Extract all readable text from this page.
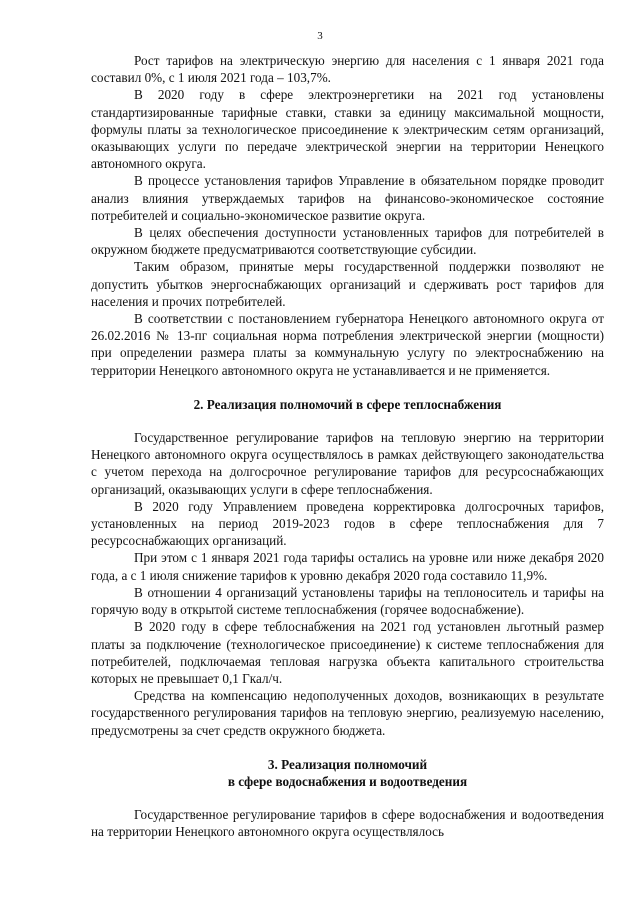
3

Рост тарифов на электрическую энергию для населения с 1 января 2021 года составил 0%, с 1 июля 2021 года – 103,7%.

В 2020 году в сфере электроэнергетики на 2021 год установлены стандартизированные тарифные ставки, ставки за единицу максимальной мощности, формулы платы за технологическое присоединение к электрическим сетям организаций, оказывающих услуги по передаче электрической энергии на территории Ненецкого автономного округа.

В процессе установления тарифов Управление в обязательном порядке проводит анализ влияния утверждаемых тарифов на финансово-экономическое состояние потребителей и социально-экономическое развитие округа.

В целях обеспечения доступности установленных тарифов для потребителей в окружном бюджете предусматриваются соответствующие субсидии.

Таким образом, принятые меры государственной поддержки позволяют не допустить убытков энергоснабжающих организаций и сдерживать рост тарифов для населения и прочих потребителей.

В соответствии с постановлением губернатора Ненецкого автономного округа от 26.02.2016 № 13-пг социальная норма потребления электрической энергии (мощности) при определении размера платы за коммунальную услугу по электроснабжению на территории Ненецкого автономного округа не устанавливается и не применяется.

2. Реализация полномочий в сфере теплоснабжения

Государственное регулирование тарифов на тепловую энергию на территории Ненецкого автономного округа осуществлялось в рамках действующего законодательства с учетом перехода на долгосрочное регулирование тарифов для ресурсоснабжающих организаций, оказывающих услуги в сфере теплоснабжения.

В 2020 году Управлением проведена корректировка долгосрочных тарифов, установленных на период 2019-2023 годов в сфере теплоснабжения для 7 ресурсоснабжающих организаций.

При этом с 1 января 2021 года тарифы остались на уровне или ниже декабря 2020 года, а с 1 июля снижение тарифов к уровню декабря 2020 года составило 11,9%.

В отношении 4 организаций установлены тарифы на теплоноситель и тарифы на горячую воду в открытой системе теплоснабжения (горячее водоснабжение).

В 2020 году в сфере теблоснабжения на 2021 год установлен льготный размер платы за подключение (технологическое присоединение) к системе теплоснабжения для потребителей, подключаемая тепловая нагрузка объекта капитального строительства которых не превышает 0,1 Гкал/ч.

Средства на компенсацию недополученных доходов, возникающих в результате государственного регулирования тарифов на тепловую энергию, реализуемую населению, предусмотрены за счет средств окружного бюджета.

3. Реализация полномочий

в сфере водоснабжения и водоотведения

Государственное регулирование тарифов в сфере водоснабжения и водоотведения на территории Ненецкого автономного округа осуществлялось
